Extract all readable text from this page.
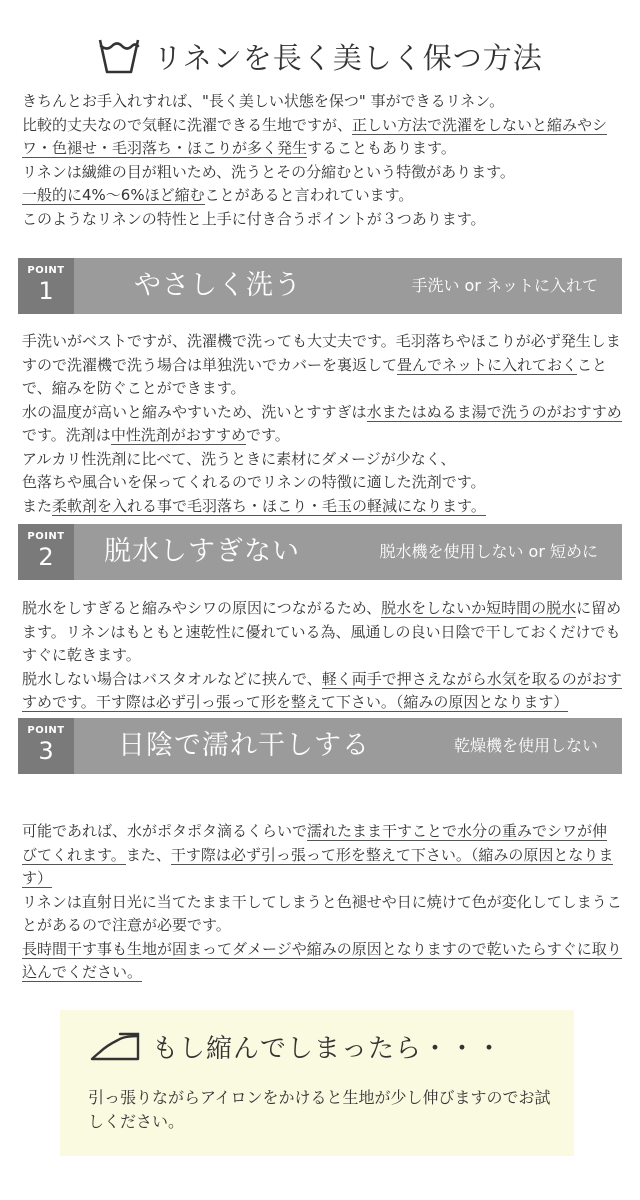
リネンを長く美しく保つ方法
きちんとお手入れすれば、"長く美しい状態を保つ" 事ができるリネン。
比較的丈夫なので気軽に洗濯できる生地ですが、正しい方法で洗濯をしないと縮みやシワ・色褪せ・毛羽落ち・ほこりが多く発生することもあります。
リネンは繊維の目が粗いため、洗うとその分縮むという特徴があります。
一般的に4%〜6%ほど縮むことがあると言われています。
このようなリネンの特性と上手に付き合うポイントが３つあります。
POINT
1	やさしく洗う	手洗い or ネットに入れて
手洗いがベストですが、洗濯機で洗っても大丈夫です。毛羽落ちやほこりが必ず発生しますので洗濯機で洗う場合は単独洗いでカバーを裏返して畳んでネットに入れておくことで、縮みを防ぐことができます。
水の温度が高いと縮みやすいため、洗いとすすぎは水またはぬるま湯で洗うのがおすすめです。洗剤は中性洗剤がおすすめです。
アルカリ性洗剤に比べて、洗うときに素材にダメージが少なく、
色落ちや風合いを保ってくれるのでリネンの特徴に適した洗剤です。
また柔軟剤を入れる事で毛羽落ち・ほこり・毛玉の軽減になります。
POINT
2	脱水しすぎない	脱水機を使用しない or 短めに
脱水をしすぎると縮みやシワの原因につながるため、脱水をしないか短時間の脱水に留めます。リネンはもともと速乾性に優れている為、風通しの良い日陰で干しておくだけでもすぐに乾きます。
脱水しない場合はバスタオルなどに挟んで、軽く両手で押さえながら水気を取るのがおすすめです。干す際は必ず引っ張って形を整えて下さい。（縮みの原因となります）
POINT
3	日陰で濡れ干しする	乾燥機を使用しない
可能であれば、水がポタポタ滴るくらいで濡れたまま干すことで水分の重みでシワが伸びてくれます。また、干す際は必ず引っ張って形を整えて下さい。（縮みの原因となります）
リネンは直射日光に当てたまま干してしまうと色褪せや日に焼けて色が変化してしまうことがあるので注意が必要です。
長時間干す事も生地が固まってダメージや縮みの原因となりますので乾いたらすぐに取り込んでください。
もし縮んでしまったら・・・
引っ張りながらアイロンをかけると生地が少し伸びますのでお試しください。
